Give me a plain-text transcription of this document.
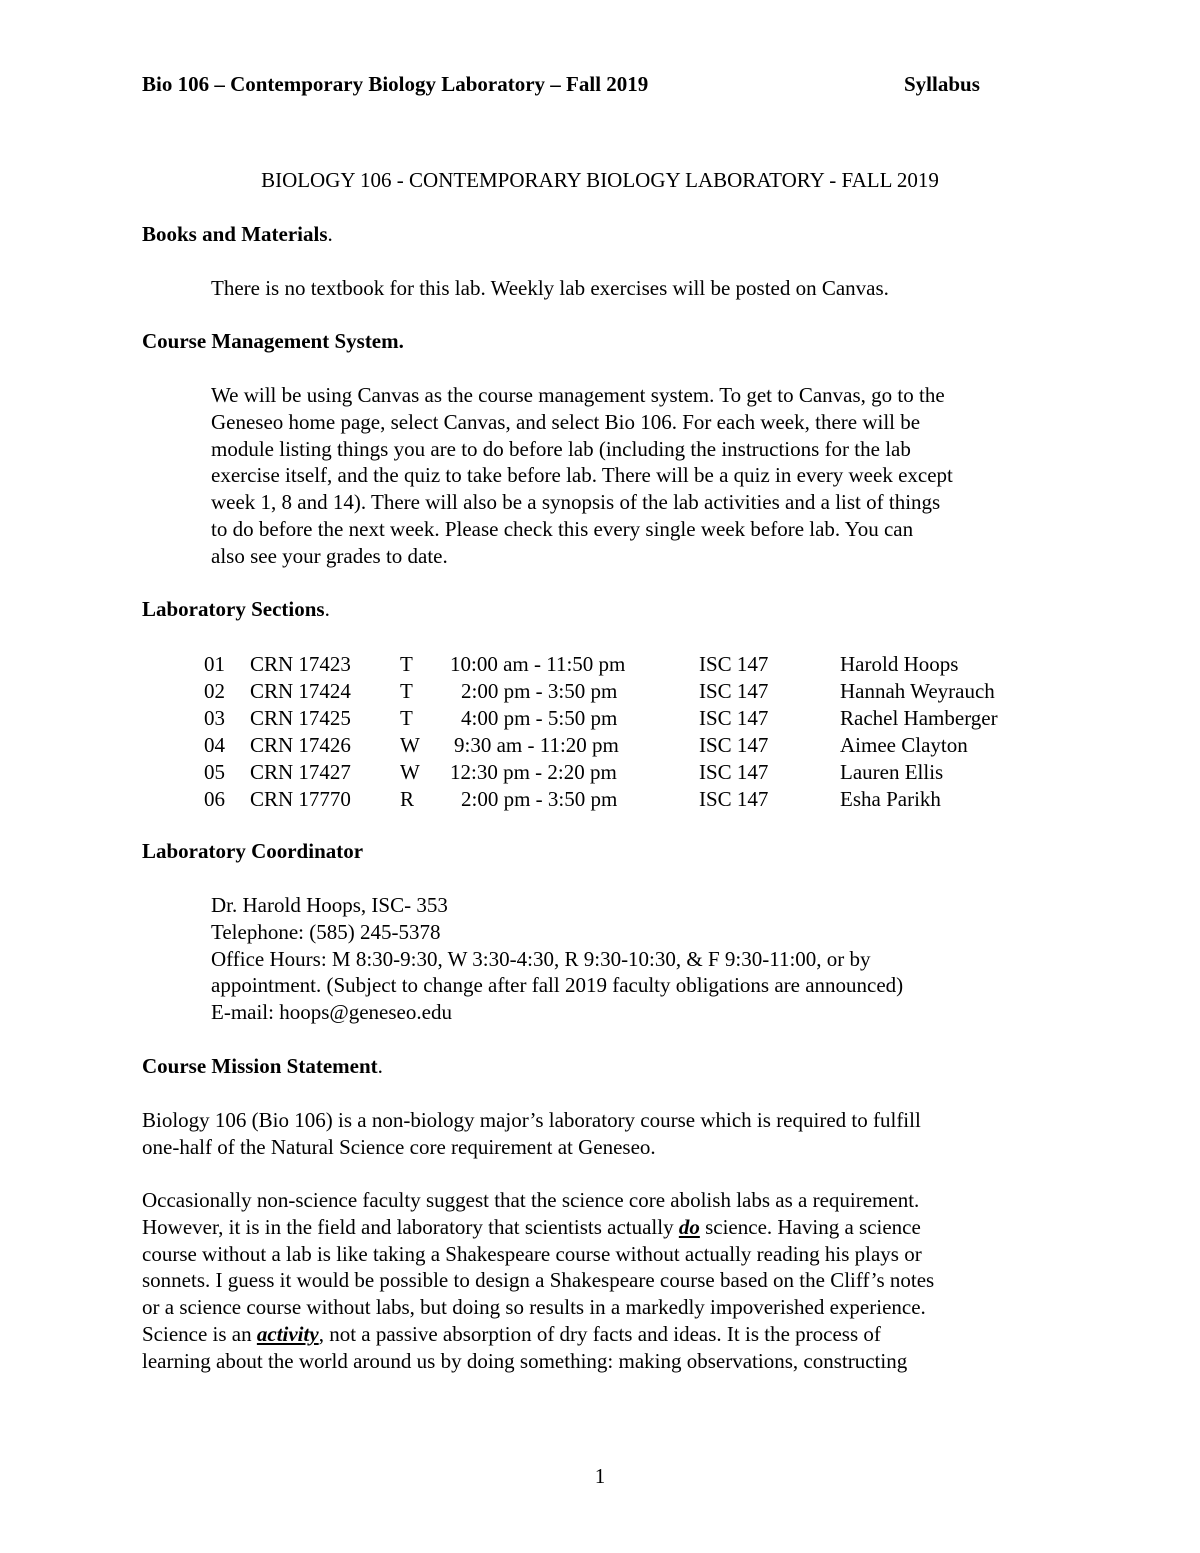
Bio 106 – Contemporary Biology Laboratory – Fall 2019	Syllabus
BIOLOGY 106 - CONTEMPORARY BIOLOGY LABORATORY - FALL 2019
Books and Materials.
There is no textbook for this lab. Weekly lab exercises will be posted on Canvas.
Course Management System.
We will be using Canvas as the course management system. To get to Canvas, go to the
Geneseo home page, select Canvas, and select Bio 106. For each week, there will be
module listing things you are to do before lab (including the instructions for the lab
exercise itself, and the quiz to take before lab. There will be a quiz in every week except
week 1, 8 and 14). There will also be a synopsis of the lab activities and a list of things
to do before the next week. Please check this every single week before lab. You can
also see your grades to date.
Laboratory Sections.
01 CRN 17423 T 10:00 am - 11:50 pm	ISC 147	Harold Hoops
02 CRN 17424 T 2:00 pm - 3:50 pm	ISC 147	Hannah Weyrauch
03 CRN 17425 T 4:00 pm - 5:50 pm	ISC 147	Rachel Hamberger
04 CRN 17426 W 9:30 am - 11:20 pm	ISC 147	Aimee Clayton
05 CRN 17427 W 12:30 pm - 2:20 pm	ISC 147	Lauren Ellis
06 CRN 17770 R 2:00 pm - 3:50 pm	ISC 147	Esha Parikh
Laboratory Coordinator
Dr. Harold Hoops, ISC- 353
Telephone: (585) 245-5378
Office Hours: M 8:30-9:30, W 3:30-4:30, R 9:30-10:30, & F 9:30-11:00, or by
appointment. (Subject to change after fall 2019 faculty obligations are announced)
E-mail: hoops@geneseo.edu
Course Mission Statement.
Biology 106 (Bio 106) is a non-biology major’s laboratory course which is required to fulfill
one-half of the Natural Science core requirement at Geneseo.
Occasionally non-science faculty suggest that the science core abolish labs as a requirement.
However, it is in the field and laboratory that scientists actually do science. Having a science
course without a lab is like taking a Shakespeare course without actually reading his plays or
sonnets. I guess it would be possible to design a Shakespeare course based on the Cliff’s notes
or a science course without labs, but doing so results in a markedly impoverished experience.
Science is an activity, not a passive absorption of dry facts and ideas. It is the process of
learning about the world around us by doing something: making observations, constructing
1
